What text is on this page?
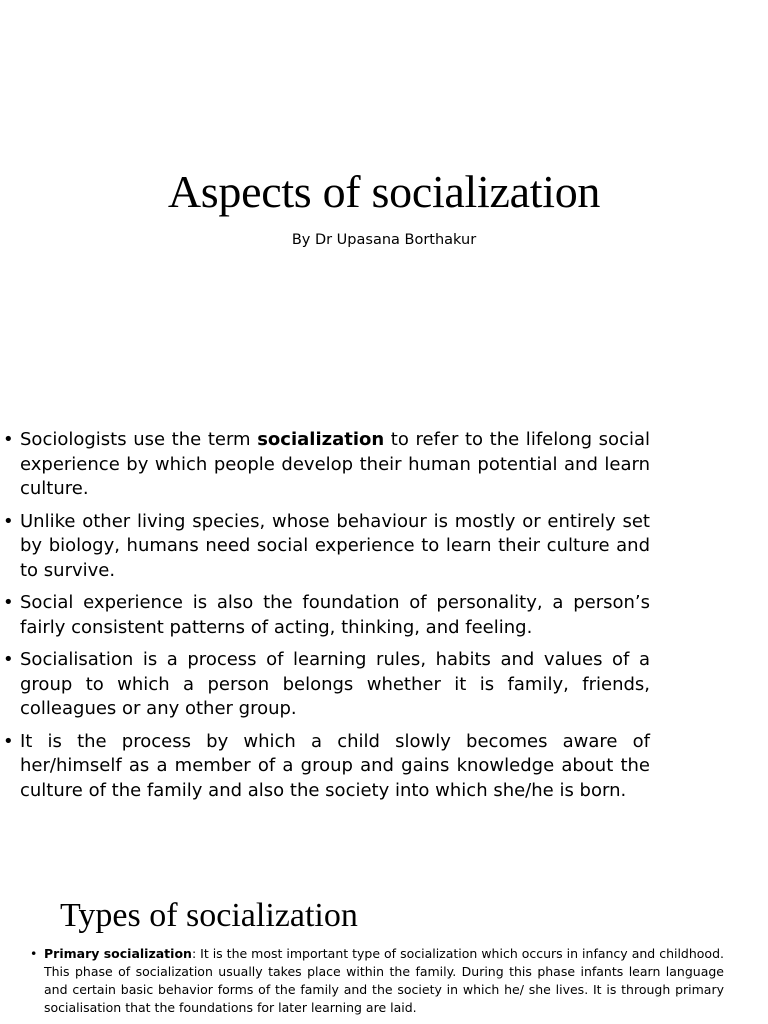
Aspects of socialization
By Dr Upasana Borthakur
• Sociologists use the term socialization to refer to the lifelong social experience by which people develop their human potential and learn culture.
• Unlike other living species, whose behaviour is mostly or entirely set by biology, humans need social experience to learn their culture and to survive.
• Social experience is also the foundation of personality, a person’s fairly consistent patterns of acting, thinking, and feeling.
• Socialisation is a process of learning rules, habits and values of a group to which a person belongs whether it is family, friends, colleagues or any other group.
• It is the process by which a child slowly becomes aware of her/himself as a member of a group and gains knowledge about the culture of the family and also the society into which she/he is born.
Types of socialization
• Primary socialization: It is the most important type of socialization which occurs in infancy and childhood. This phase of socialization usually takes place within the family. During this phase infants learn language and certain basic behavior forms of the family and the society in which he/ she lives. It is through primary socialisation that the foundations for later learning are laid.
